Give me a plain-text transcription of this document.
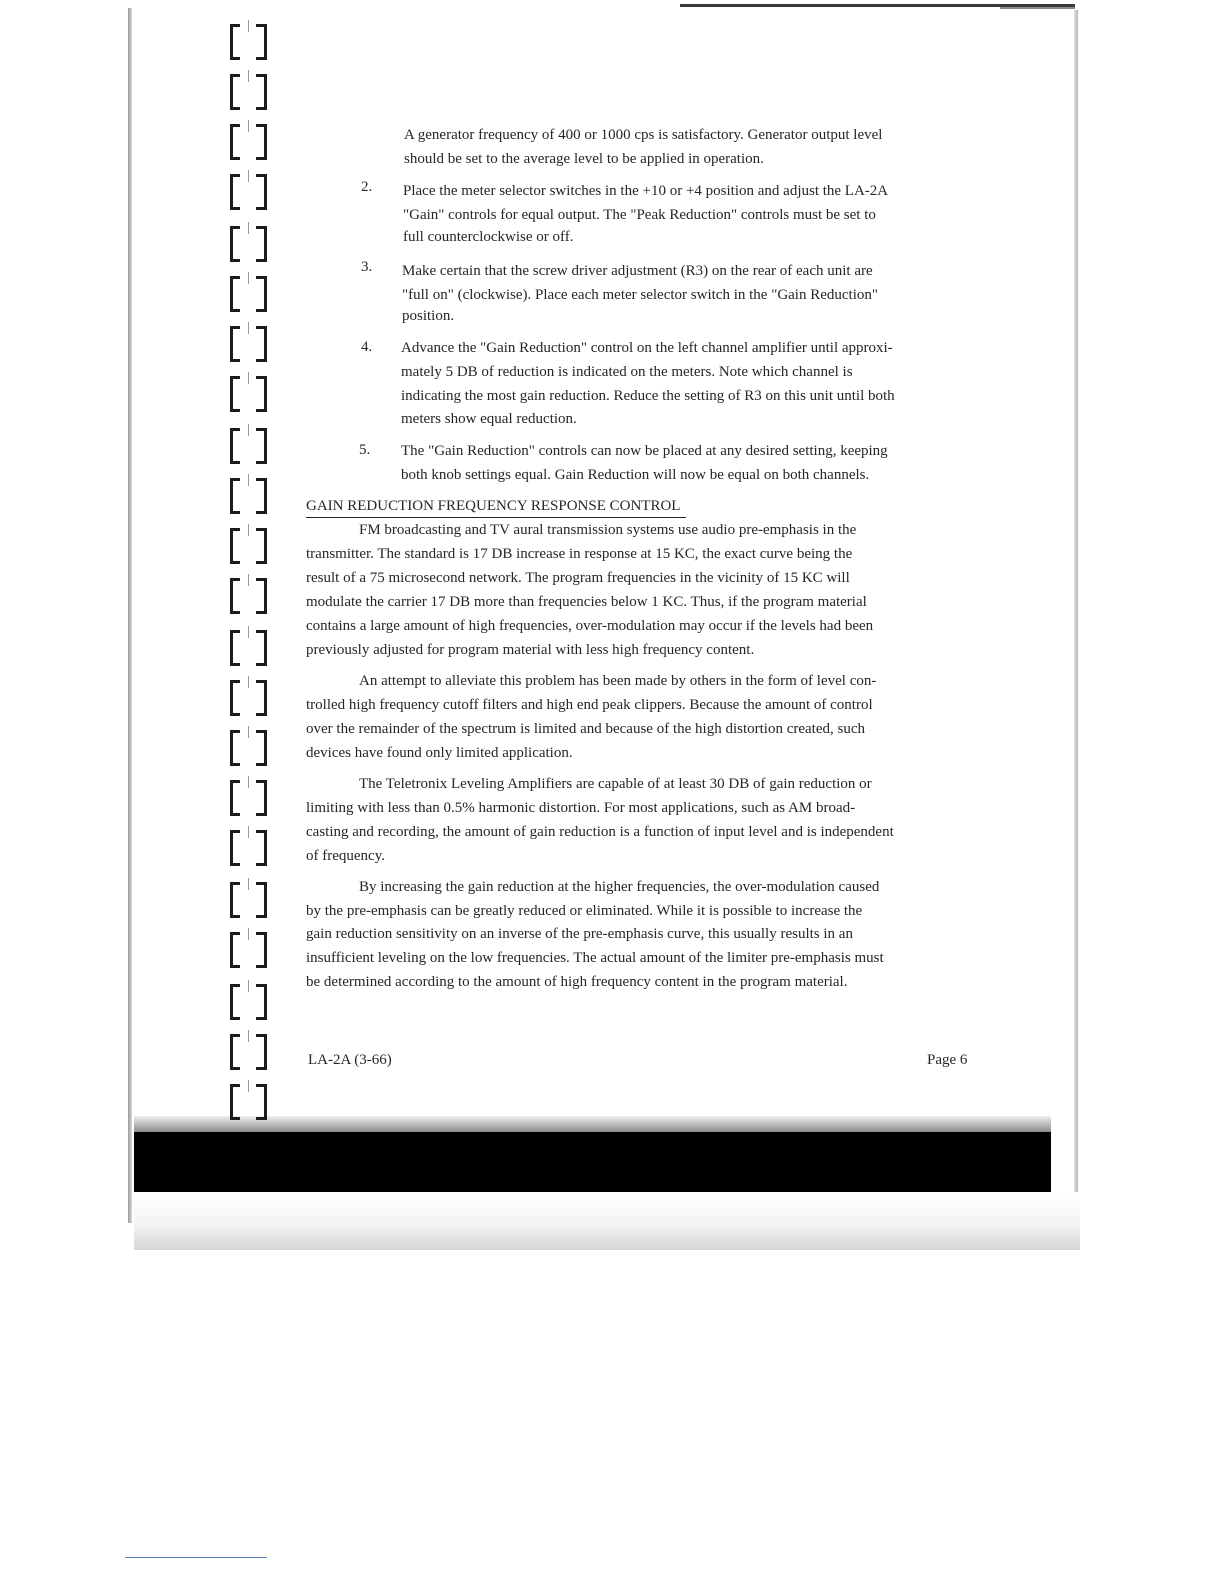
A generator frequency of 400 or 1000 cps is satisfactory. Generator output level
should be set to the average level to be applied in operation.
2. Place the meter selector switches in the +10 or +4 position and adjust the LA-2A
"Gain" controls for equal output. The "Peak Reduction" controls must be set to
full counterclockwise or off.
3. Make certain that the screw driver adjustment (R3) on the rear of each unit are
"full on" (clockwise). Place each meter selector switch in the "Gain Reduction"
position.
4. Advance the "Gain Reduction" control on the left channel amplifier until approxi-
mately 5 DB of reduction is indicated on the meters. Note which channel is
indicating the most gain reduction. Reduce the setting of R3 on this unit until both
meters show equal reduction.
5. The "Gain Reduction" controls can now be placed at any desired setting, keeping
both knob settings equal. Gain Reduction will now be equal on both channels.
GAIN REDUCTION FREQUENCY RESPONSE CONTROL
FM broadcasting and TV aural transmission systems use audio pre-emphasis in the
transmitter. The standard is 17 DB increase in response at 15 KC, the exact curve being the
result of a 75 microsecond network. The program frequencies in the vicinity of 15 KC will
modulate the carrier 17 DB more than frequencies below 1 KC. Thus, if the program material
contains a large amount of high frequencies, over-modulation may occur if the levels had been
previously adjusted for program material with less high frequency content.
An attempt to alleviate this problem has been made by others in the form of level con-
trolled high frequency cutoff filters and high end peak clippers. Because the amount of control
over the remainder of the spectrum is limited and because of the high distortion created, such
devices have found only limited application.
The Teletronix Leveling Amplifiers are capable of at least 30 DB of gain reduction or
limiting with less than 0.5% harmonic distortion. For most applications, such as AM broad-
casting and recording, the amount of gain reduction is a function of input level and is independent
of frequency.
By increasing the gain reduction at the higher frequencies, the over-modulation caused
by the pre-emphasis can be greatly reduced or eliminated. While it is possible to increase the
gain reduction sensitivity on an inverse of the pre-emphasis curve, this usually results in an
insufficient leveling on the low frequencies. The actual amount of the limiter pre-emphasis must
be determined according to the amount of high frequency content in the program material.
LA-2A (3-66)	Page 6
